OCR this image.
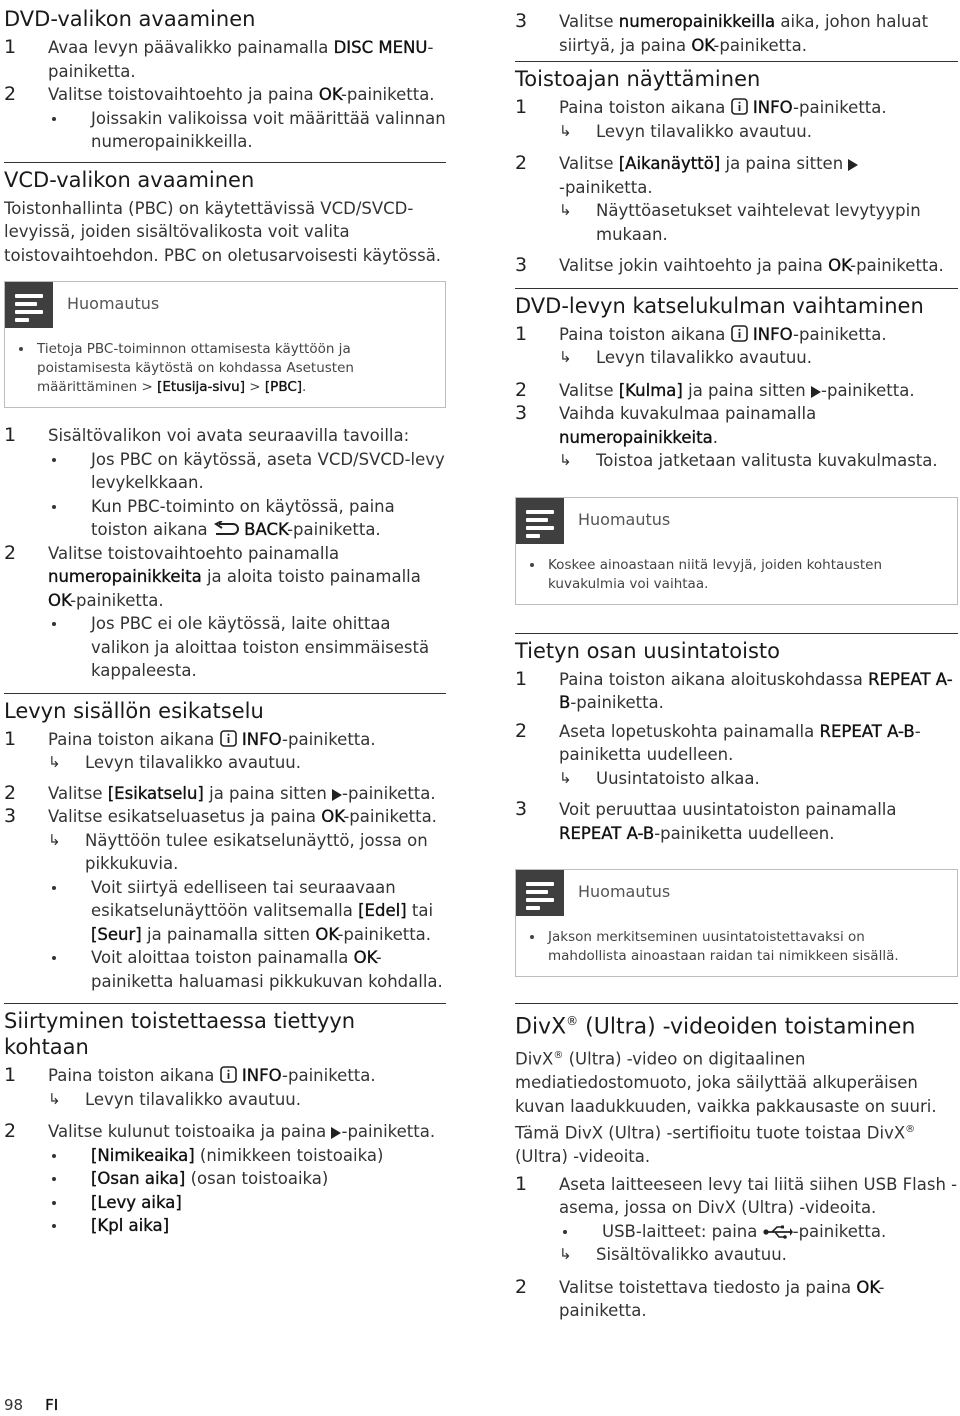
DVD-valikon avaaminen
1 Avaa levyn päävalikko painamalla DISC MENU-painiketta.
2 Valitse toistovaihtoehto ja paina OK-painiketta.
Joissakin valikoissa voit määrittää valinnan numeropainikkeilla.
VCD-valikon avaaminen
Toistonhallinta (PBC) on käytettävissä VCD/SVCD-levyissä, joiden sisältövalikosta voit valita toistovaihtoehdon. PBC on oletusarvoisesti käytössä.
Huomautus
Tietoja PBC-toiminnon ottamisesta käyttöön ja poistamisesta käytöstä on kohdassa Asetusten määrittäminen > [Etusija-sivu] > [PBC].
1 Sisältövalikon voi avata seuraavilla tavoilla:
Jos PBC on käytössä, aseta VCD/SVCD-levy levykelkkaan.
Kun PBC-toiminto on käytössä, paina toiston aikana  BACK-painiketta.
2 Valitse toistovaihtoehto painamalla numeropainikkeita ja aloita toisto painamalla OK-painiketta.
Jos PBC ei ole käytössä, laite ohittaa valikon ja aloittaa toiston ensimmäisestä kappaleesta.
Levyn sisällön esikatselu
1 Paina toiston aikana  INFO-painiketta.
↳ Levyn tilavalikko avautuu.
2 Valitse [Esikatselu] ja paina sitten -painiketta.
3 Valitse esikatseluasetus ja paina OK-painiketta.
↳ Näyttöön tulee esikatselunäyttö, jossa on pikkukuvia.
Voit siirtyä edelliseen tai seuraavaan esikatselunäyttöön valitsemalla [Edel] tai [Seur] ja painamalla sitten OK-painiketta.
Voit aloittaa toiston painamalla OK-painiketta haluamasi pikkukuvan kohdalla.
Siirtyminen toistettaessa tiettyyn kohtaan
1 Paina toiston aikana  INFO-painiketta.
↳ Levyn tilavalikko avautuu.
2 Valitse kulunut toistoaika ja paina -painiketta.
[Nimikeaika] (nimikkeen toistoaika)
[Osan aika] (osan toistoaika)
[Levy aika]
[Kpl aika]
3 Valitse numeropainikkeilla aika, johon haluat siirtyä, ja paina OK-painiketta.
Toistoajan näyttäminen
1 Paina toiston aikana  INFO-painiketta.
↳ Levyn tilavalikko avautuu.
2 Valitse [Aikanäyttö] ja paina sitten
-painiketta.
↳ Näyttöasetukset vaihtelevat levytyypin mukaan.
3 Valitse jokin vaihtoehto ja paina OK-painiketta.
DVD-levyn katselukulman vaihtaminen
1 Paina toiston aikana  INFO-painiketta.
↳ Levyn tilavalikko avautuu.
2 Valitse [Kulma] ja paina sitten -painiketta.
3 Vaihda kuvakulmaa painamalla numeropainikkeita.
↳ Toistoa jatketaan valitusta kuvakulmasta.
Huomautus
Koskee ainoastaan niitä levyjä, joiden kohtausten kuvakulmia voi vaihtaa.
Tietyn osan uusintatoisto
1 Paina toiston aikana aloituskohdassa REPEAT A-B-painiketta.
2 Aseta lopetuskohta painamalla REPEAT A-B-painiketta uudelleen.
↳ Uusintatoisto alkaa.
3 Voit peruuttaa uusintatoiston painamalla REPEAT A-B-painiketta uudelleen.
Huomautus
Jakson merkitseminen uusintatoistettavaksi on mahdollista ainoastaan raidan tai nimikkeen sisällä.
DivX® (Ultra) -videoiden toistaminen
DivX® (Ultra) -video on digitaalinen mediatiedostomuoto, joka säilyttää alkuperäisen kuvan laadukkuuden, vaikka pakkausaste on suuri. Tämä DivX (Ultra) -sertifioitu tuote toistaa DivX® (Ultra) -videoita.
1 Aseta laitteeseen levy tai liitä siihen USB Flash -asema, jossa on DivX (Ultra) -videoita.
USB-laitteet: paina -painiketta.
↳ Sisältövalikko avautuu.
2 Valitse toistettava tiedosto ja paina OK-painiketta.
98 FI
